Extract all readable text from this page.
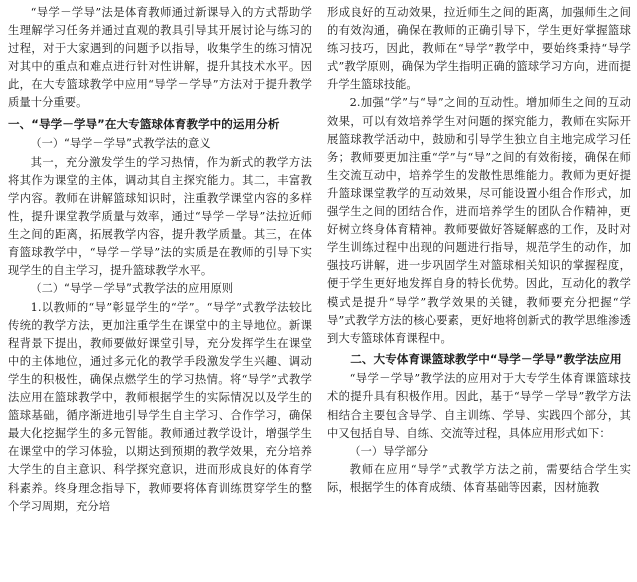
“导学－学导”法是体育教师通过新课导入的方式帮助学生理解学习任务并通过直观的教具引导其开展讨论与练习的过程，对于大家遇到的问题予以指导，收集学生的练习情况对其中的重点和难点进行针对性讲解，提升其技术水平。因此，在大专篮球教学中应用“导学－学导”方法对于提升教学质量十分重要。

一、“导学－学导”在大专篮球体育教学中的运用分析

（一）“导学－学导”式教学法的意义

其一，充分激发学生的学习热情，作为新式的教学方法将其作为课堂的主体，调动其自主探究能力。其二，丰富教学内容。教师在讲解篮球知识时，注重教学课堂内容的多样性，提升课堂教学质量与效率，通过“导学－学导”法拉近师生之间的距离，拓展教学内容，提升教学质量。其三，在体育篮球教学中，“导学－学导”法的实质是在教师的引导下实现学生的自主学习，提升篮球教学水平。

（二）“导学－学导”式教学法的应用原则

1.以教师的“导”彰显学生的“学”。“导学”式教学法较比传统的教学方法，更加注重学生在课堂中的主导地位。新课程背景下提出，教师要做好课堂引导，充分发挥学生在课堂中的主体地位，通过多元化的教学手段激发学生兴趣、调动学生的积极性，确保点燃学生的学习热情。将“导学”式教学法应用在篮球教学中，教师根据学生的实际情况以及学生的篮球基础，循序渐进地引导学生自主学习、合作学习，确保最大化挖掘学生的多元智能。教师通过教学设计，增强学生在课堂中的学习体验，以期达到预期的教学效果，充分培养大学生的自主意识、科学探究意识，进而形成良好的体育学科素养。终身理念指导下，教师要将体育训练贯穿学生的整个学习周期，充分培

形成良好的互动效果，拉近师生之间的距离，加强师生之间的有效沟通，确保在教师的正确引导下，学生更好掌握篮球练习技巧，因此，教师在“导学”教学中，要始终秉持“导学式”教学原则，确保为学生指明正确的篮球学习方向，进而提升学生篮球技能。

2.加强“学”与“导”之间的互动性。增加师生之间的互动效果，可以有效培养学生对问题的探究能力，教师在实际开展篮球教学活动中，鼓励和引导学生独立自主地完成学习任务；教师要更加注重“学”与“导”之间的有效衔接，确保在师生交流互动中，培养学生的发散性思维能力。教师为更好提升篮球课堂教学的互动效果，尽可能设置小组合作形式，加强学生之间的团结合作，进而培养学生的团队合作精神，更好树立终身体育精神。教师要做好答疑解惑的工作，及时对学生训练过程中出现的问题进行指导，规范学生的动作，加强技巧讲解，进一步巩固学生对篮球相关知识的掌握程度，便于学生更好地发挥自身的特长优势。因此，互动化的教学模式是提升“导学”教学效果的关键，教师要充分把握“学导”式教学方法的核心要素，更好地将创新式的教学思维渗透到大专篮球体育课程中。

二、大专体育课篮球教学中“导学－学导”教学法应用

“导学－学导”教学法的应用对于大专学生体育课篮球技术的提升具有积极作用。因此，基于“导学－学导”教学方法相结合主要包含导学、自主训练、学导、实践四个部分，其中又包括自导、自练、交流等过程，具体应用形式如下：

（一）导学部分

教师在应用“导学”式教学方法之前，需要结合学生实际，根据学生的体育成绩、体育基础等因素，因材施教
